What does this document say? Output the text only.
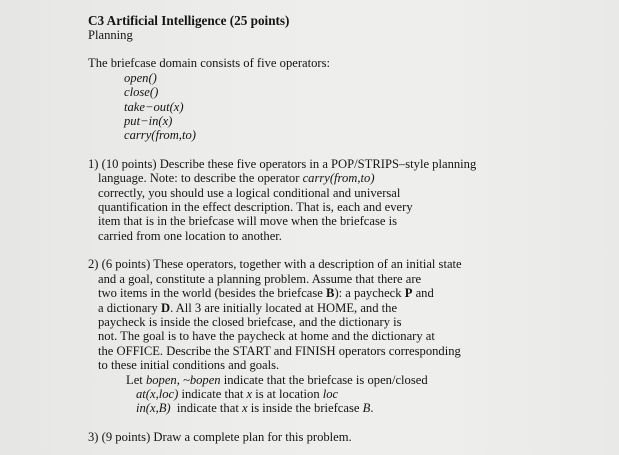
C3 Artificial Intelligence (25 points)

Planning

The briefcase domain consists of five operators:

open()
close()
take−out(x)
put−in(x)
carry(from,to)

1) (10 points) Describe these five operators in a POP/STRIPS–style planning

language. Note: to describe the operator carry(from,to)

correctly, you should use a logical conditional and universal

quantification in the effect description. That is, each and every

item that is in the briefcase will move when the briefcase is

carried from one location to another.

2) (6 points) These operators, together with a description of an initial state

and a goal, constitute a planning problem. Assume that there are

two items in the world (besides the briefcase B): a paycheck P and

a dictionary D. All 3 are initially located at HOME, and the

paycheck is inside the closed briefcase, and the dictionary is

not. The goal is to have the paycheck at home and the dictionary at

the OFFICE. Describe the START and FINISH operators corresponding

to these initial conditions and goals.

Let bopen, ~bopen indicate that the briefcase is open/closed

at(x,loc) indicate that x is at location loc

in(x,B)  indicate that x is inside the briefcase B.

3) (9 points) Draw a complete plan for this problem.
